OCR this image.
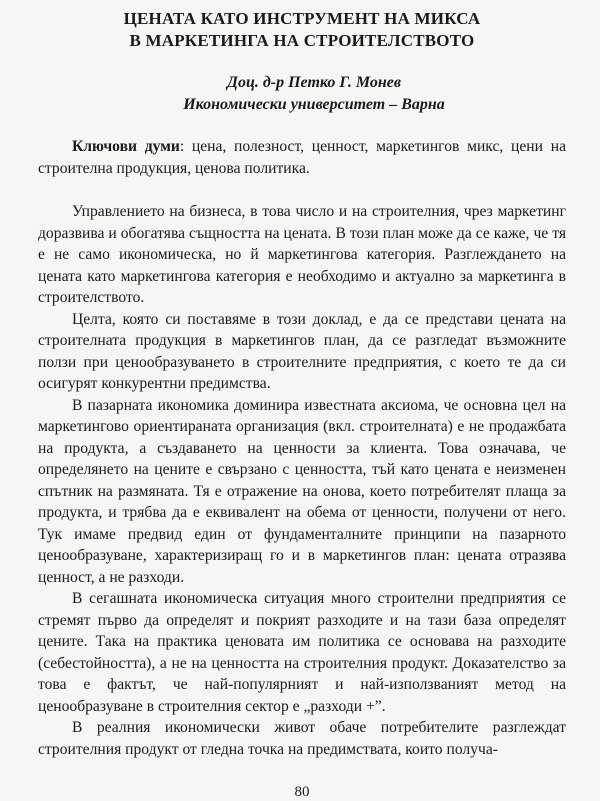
ЦЕНАТА КАТО ИНСТРУМЕНТ НА МИКСА
В МАРКЕТИНГА НА СТРОИТЕЛСТВОТО
Доц. д-р Петко Г. Монев
Икономически университет – Варна

Ключови думи: цена, полезност, ценност, маркетингов микс, цени на строителна продукция, ценова политика.

Управлението на бизнеса, в това число и на строителния, чрез маркетинг доразвива и обогатява същността на цената. В този план може да се каже, че тя е не само икономическа, но й маркетингова категория. Разглеждането на цената като маркетингова категория е необходимо и актуално за маркетинга в строителството.

Целта, която си поставяме в този доклад, е да се представи цената на строителната продукция в маркетингов план, да се разгледат възможните ползи при ценообразуването в строителните предприятия, с което те да си осигурят конкурентни предимства.

В пазарната икономика доминира известната аксиома, че основна цел на маркетингово ориентираната организация (вкл. строителната) е не продажбата на продукта, а създаването на ценности за клиента. Това означава, че определянето на цените е свързано с ценността, тъй като цената е неизменен спътник на размяната. Тя е отражение на онова, което потребителят плаща за продукта, и трябва да е еквивалент на обема от ценности, получени от него. Тук имаме предвид един от фундаменталните принципи на пазарното ценообразуване, характеризиращ го и в маркетингов план: цената отразява ценност, а не разходи.

В сегашната икономическа ситуация много строителни предприятия се стремят първо да определят и покрият разходите и на тази база определят цените. Така на практика ценовата им политика се основава на разходите (себестойността), а не на ценността на строителния продукт. Доказателство за това е фактът, че най-популярният и най-използваният метод на ценообразуване в строителния сектор е „разходи +”.

В реалния икономически живот обаче потребителите разглеждат строителния продукт от гледна точка на предимствата, които получа-

80
